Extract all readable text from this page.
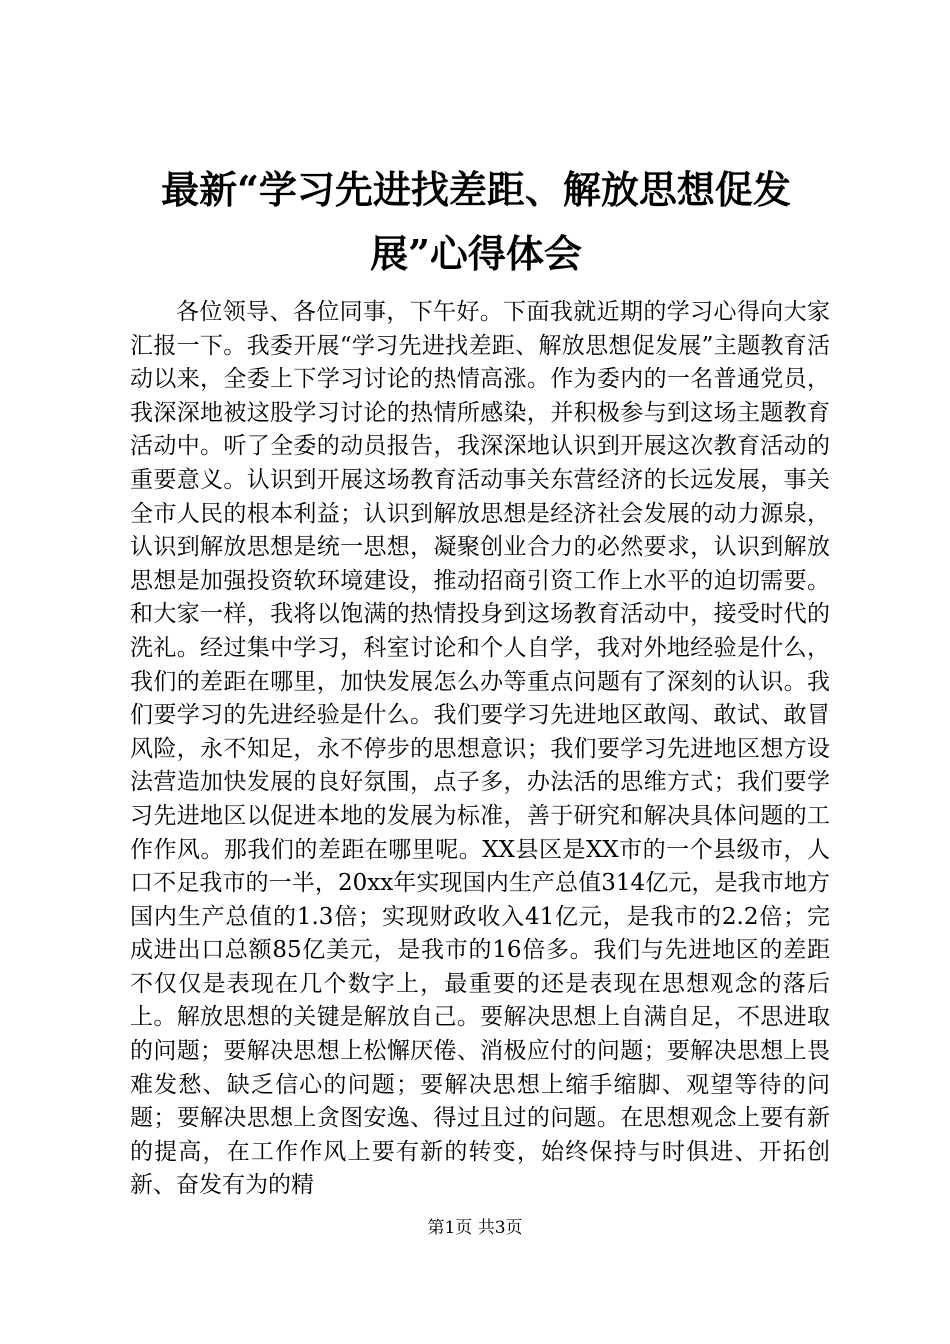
最新“学习先进找差距、解放思想促发展”心得体会

各位领导、各位同事，下午好。下面我就近期的学习心得向大家汇报一下。我委开展“学习先进找差距、解放思想促发展”主题教育活动以来，全委上下学习讨论的热情高涨。作为委内的一名普通党员，我深深地被这股学习讨论的热情所感染，并积极参与到这场主题教育活动中。听了全委的动员报告，我深深地认识到开展这次教育活动的重要意义。认识到开展这场教育活动事关东营经济的长远发展，事关全市人民的根本利益；认识到解放思想是经济社会发展的动力源泉，认识到解放思想是统一思想，凝聚创业合力的必然要求，认识到解放思想是加强投资软环境建设，推动招商引资工作上水平的迫切需要。和大家一样，我将以饱满的热情投身到这场教育活动中，接受时代的洗礼。经过集中学习，科室讨论和个人自学，我对外地经验是什么，我们的差距在哪里，加快发展怎么办等重点问题有了深刻的认识。我们要学习的先进经验是什么。我们要学习先进地区敢闯、敢试、敢冒风险，永不知足，永不停步的思想意识；我们要学习先进地区想方设法营造加快发展的良好氛围，点子多，办法活的思维方式；我们要学习先进地区以促进本地的发展为标准，善于研究和解决具体问题的工作作风。那我们的差距在哪里呢。XX县区是XX市的一个县级市，人口不足我市的一半，20xx年实现国内生产总值314亿元，是我市地方国内生产总值的1.3倍；实现财政收入41亿元，是我市的2.2倍；完成进出口总额85亿美元，是我市的16倍多。我们与先进地区的差距不仅仅是表现在几个数字上，最重要的还是表现在思想观念的落后上。解放思想的关键是解放自己。要解决思想上自满自足，不思进取的问题；要解决思想上松懈厌倦、消极应付的问题；要解决思想上畏难发愁、缺乏信心的问题；要解决思想上缩手缩脚、观望等待的问题；要解决思想上贪图安逸、得过且过的问题。在思想观念上要有新的提高，在工作作风上要有新的转变，始终保持与时俱进、开拓创新、奋发有为的精

第1页 共3页
